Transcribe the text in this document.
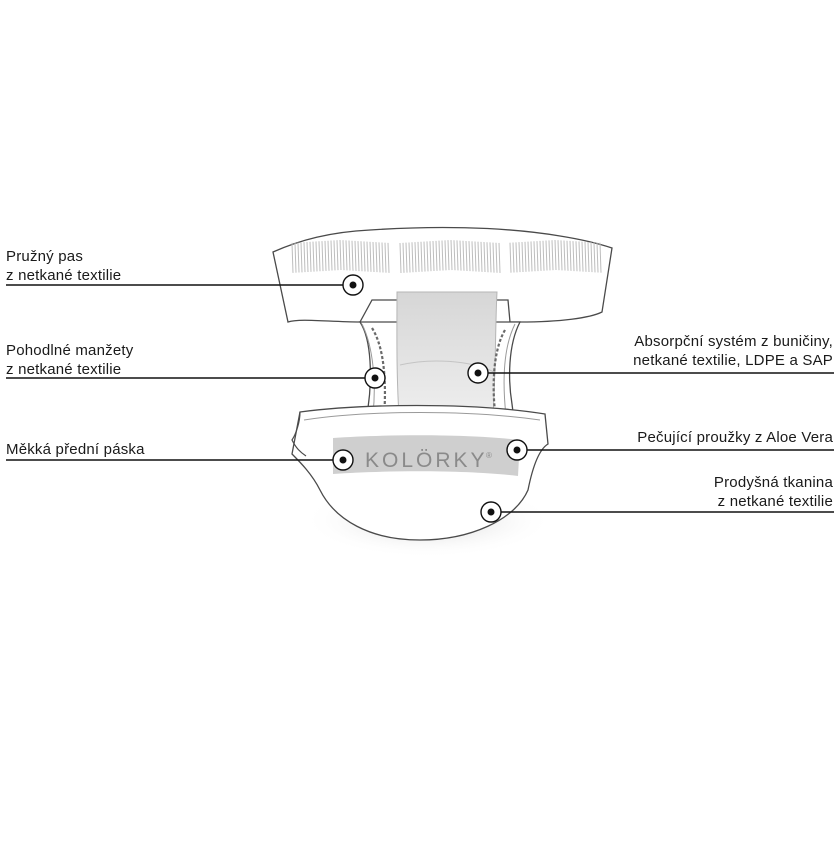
KOLÖRKY
®
Pružný pas
z netkané textilie
Pohodlné manžety
z netkané textilie
Měkká přední páska
Absorpční systém z buničiny,
netkané textilie, LDPE a SAP
Pečující proužky z Aloe Vera
Prodyšná tkanina
z netkané textilie
